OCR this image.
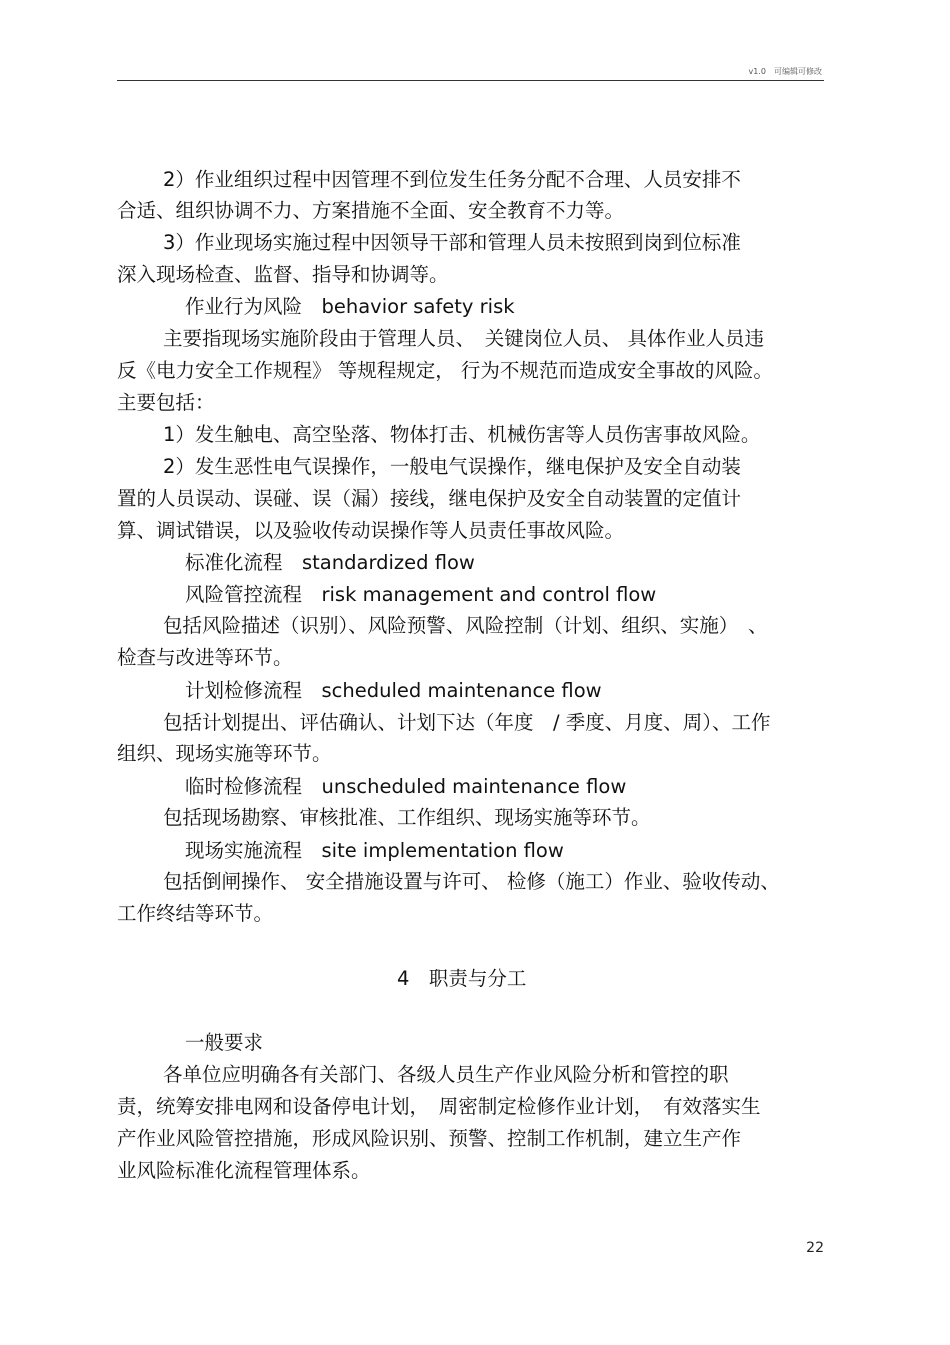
v1.0　可编辑可修改
2）作业组织过程中因管理不到位发生任务分配不合理、人员安排不
合适、组织协调不力、方案措施不全面、安全教育不力等。
3）作业现场实施过程中因领导干部和管理人员未按照到岗到位标准
深入现场检查、监督、指导和协调等。
作业行为风险　behavior safety risk
主要指现场实施阶段由于管理人员、　关键岗位人员、 具体作业人员违
反《电力安全工作规程》 等规程规定， 行为不规范而造成安全事故的风险。
主要包括：
1）发生触电、高空坠落、物体打击、机械伤害等人员伤害事故风险。
2）发生恶性电气误操作，一般电气误操作，继电保护及安全自动装
置的人员误动、误碰、误（漏）接线，继电保护及安全自动装置的定值计
算、调试错误，以及验收传动误操作等人员责任事故风险。
标准化流程　standardized flow
风险管控流程　risk management and control flow
包括风险描述（识别）、风险预警、风险控制（计划、组织、实施）　、
检查与改进等环节。
计划检修流程　scheduled maintenance flow
包括计划提出、评估确认、计划下达（年度　/ 季度、月度、周）、工作
组织、现场实施等环节。
临时检修流程　unscheduled maintenance flow
包括现场勘察、审核批准、工作组织、现场实施等环节。
现场实施流程　site implementation flow
包括倒闸操作、 安全措施设置与许可、 检修（施工）作业、验收传动、
工作终结等环节。
4　职责与分工
一般要求
各单位应明确各有关部门、各级人员生产作业风险分析和管控的职
责，统筹安排电网和设备停电计划，　周密制定检修作业计划，　有效落实生
产作业风险管控措施，形成风险识别、预警、控制工作机制，建立生产作
业风险标准化流程管理体系。
22
